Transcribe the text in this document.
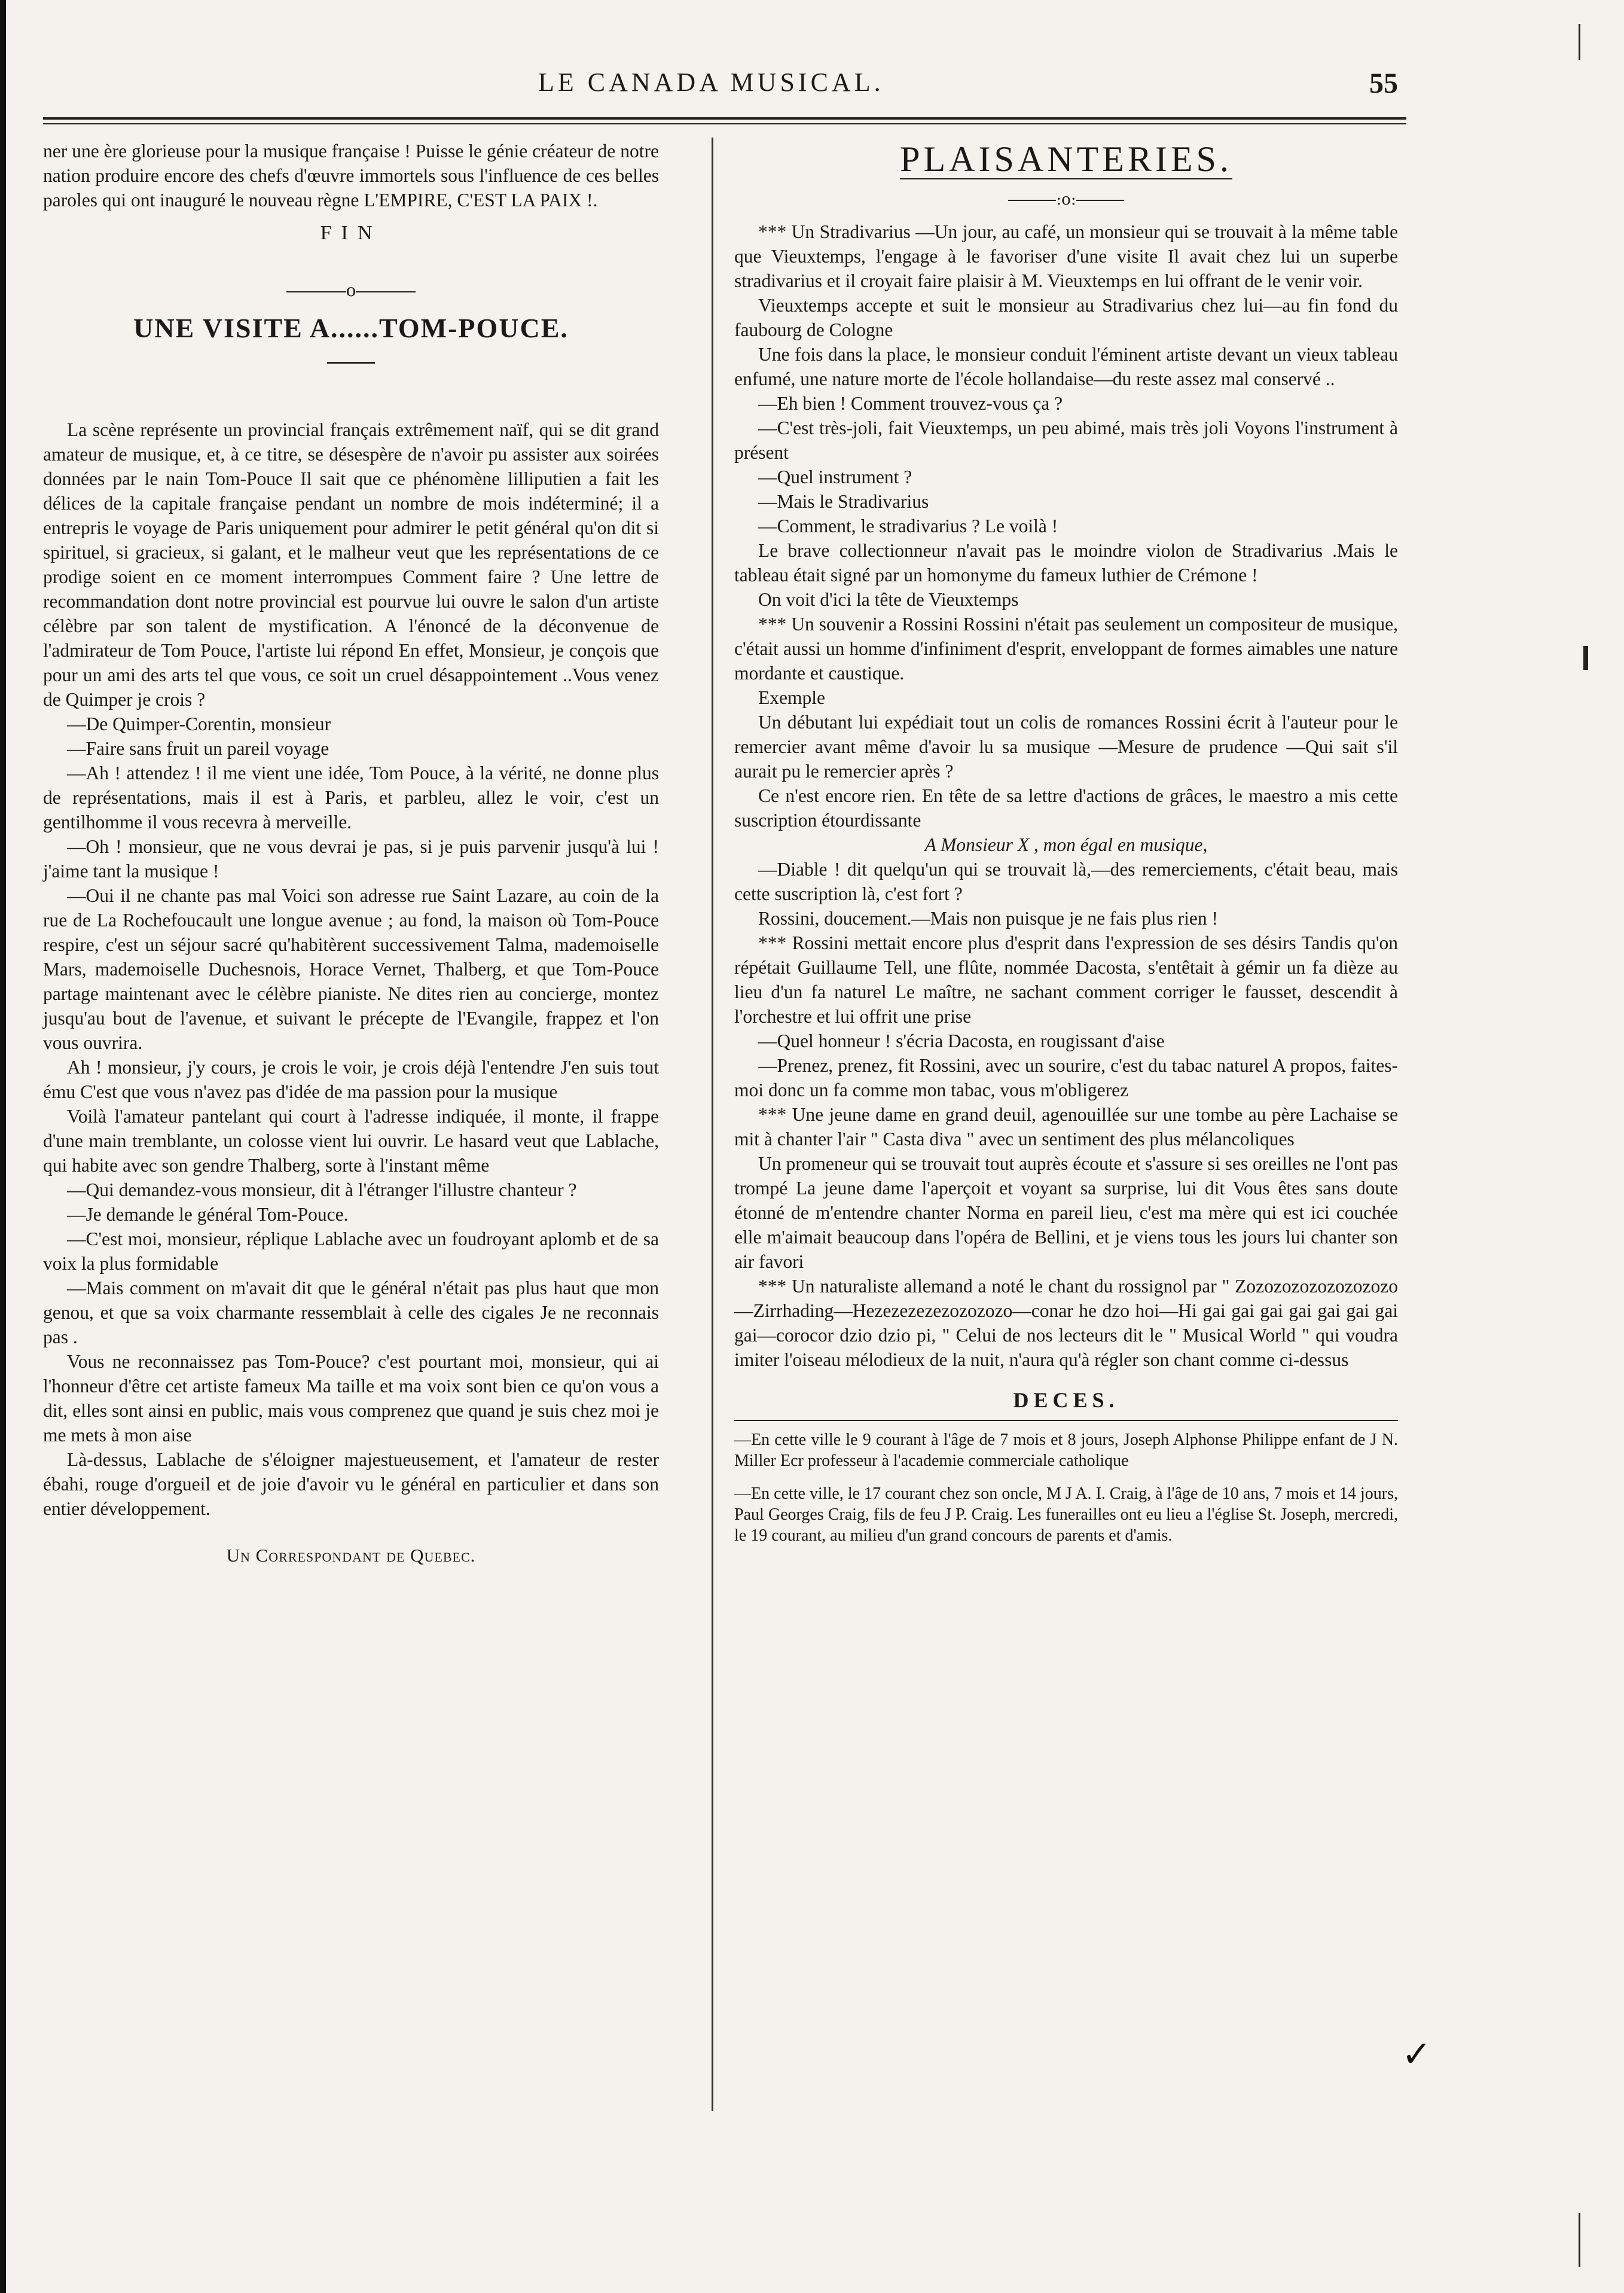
LE CANADA MUSICAL.	55

ner une ère glorieuse pour la musique française ! Puisse le génie créateur de notre nation produire encore des chefs d'œuvre immortels sous l'influence de ces belles paroles qui ont inauguré le nouveau règne L'EMPIRE, C'EST LA PAIX !.

FIN
o
UNE VISITE A......TOM-POUCE.

La scène représente un provincial français extrêmement naïf, qui se dit grand amateur de musique, et, à ce titre, se désespère de n'avoir pu assister aux soirées données par le nain Tom-Pouce Il sait que ce phénomène lilliputien a fait les délices de la capitale française pendant un nombre de mois indéterminé; il a entrepris le voyage de Paris uniquement pour admirer le petit général qu'on dit si spirituel, si gracieux, si galant, et le malheur veut que les représentations de ce prodige soient en ce moment interrompues Comment faire ? Une lettre de recommandation dont notre provincial est pourvue lui ouvre le salon d'un artiste célèbre par son talent de mystification. A l'énoncé de la déconvenue de l'admirateur de Tom Pouce, l'artiste lui répond En effet, Monsieur, je conçois que pour un ami des arts tel que vous, ce soit un cruel désappointement ..Vous venez de Quimper je crois ?

—De Quimper-Corentin, monsieur

—Faire sans fruit un pareil voyage

—Ah ! attendez ! il me vient une idée, Tom Pouce, à la vérité, ne donne plus de représentations, mais il est à Paris, et parbleu, allez le voir, c'est un gentilhomme il vous recevra à merveille.

—Oh ! monsieur, que ne vous devrai je pas, si je puis parvenir jusqu'à lui ! j'aime tant la musique !

—Oui il ne chante pas mal Voici son adresse rue Saint Lazare, au coin de la rue de La Rochefoucault une longue avenue ; au fond, la maison où Tom-Pouce respire, c'est un séjour sacré qu'habitèrent successivement Talma, mademoiselle Mars, mademoiselle Duchesnois, Horace Vernet, Thalberg, et que Tom-Pouce partage maintenant avec le célèbre pianiste. Ne dites rien au concierge, montez jusqu'au bout de l'avenue, et suivant le précepte de l'Evangile, frappez et l'on vous ouvrira.

Ah ! monsieur, j'y cours, je crois le voir, je crois déjà l'entendre J'en suis tout ému C'est que vous n'avez pas d'idée de ma passion pour la musique

Voilà l'amateur pantelant qui court à l'adresse indiquée, il monte, il frappe d'une main tremblante, un colosse vient lui ouvrir. Le hasard veut que Lablache, qui habite avec son gendre Thalberg, sorte à l'instant même

—Qui demandez-vous monsieur, dit à l'étranger l'illustre chanteur ?

—Je demande le général Tom-Pouce.

—C'est moi, monsieur, réplique Lablache avec un foudroyant aplomb et de sa voix la plus formidable

—Mais comment on m'avait dit que le général n'était pas plus haut que mon genou, et que sa voix charmante ressemblait à celle des cigales Je ne reconnais pas .

Vous ne reconnaissez pas Tom-Pouce? c'est pourtant moi, monsieur, qui ai l'honneur d'être cet artiste fameux Ma taille et ma voix sont bien ce qu'on vous a dit, elles sont ainsi en public, mais vous comprenez que quand je suis chez moi je me mets à mon aise

Là-dessus, Lablache de s'éloigner majestueusement, et l'amateur de rester ébahi, rouge d'orgueil et de joie d'avoir vu le général en particulier et dans son entier développement.

Un Correspondant de Quebec.
PLAISANTERIES.
:o:

*** Un Stradivarius —Un jour, au café, un monsieur qui se trouvait à la même table que Vieuxtemps, l'engage à le favoriser d'une visite Il avait chez lui un superbe stradivarius et il croyait faire plaisir à M. Vieuxtemps en lui offrant de le venir voir.

Vieuxtemps accepte et suit le monsieur au Stradivarius chez lui—au fin fond du faubourg de Cologne

Une fois dans la place, le monsieur conduit l'éminent artiste devant un vieux tableau enfumé, une nature morte de l'école hollandaise—du reste assez mal conservé ..

—Eh bien ! Comment trouvez-vous ça ?

—C'est très-joli, fait Vieuxtemps, un peu abimé, mais très joli Voyons l'instrument à présent

—Quel instrument ?

—Mais le Stradivarius

—Comment, le stradivarius ? Le voilà !

Le brave collectionneur n'avait pas le moindre violon de Stradivarius .Mais le tableau était signé par un homonyme du fameux luthier de Crémone !

On voit d'ici la tête de Vieuxtemps

*** Un souvenir a Rossini Rossini n'était pas seulement un compositeur de musique, c'était aussi un homme d'infiniment d'esprit, enveloppant de formes aimables une nature mordante et caustique.

Exemple

Un débutant lui expédiait tout un colis de romances Rossini écrit à l'auteur pour le remercier avant même d'avoir lu sa musique —Mesure de prudence —Qui sait s'il aurait pu le remercier après ?

Ce n'est encore rien. En tête de sa lettre d'actions de grâces, le maestro a mis cette suscription étourdissante

A Monsieur X , mon égal en musique,

—Diable ! dit quelqu'un qui se trouvait là,—des remerciements, c'était beau, mais cette suscription là, c'est fort ?

Rossini, doucement.—Mais non puisque je ne fais plus rien !

*** Rossini mettait encore plus d'esprit dans l'expression de ses désirs Tandis qu'on répétait Guillaume Tell, une flûte, nommée Dacosta, s'entêtait à gémir un fa dièze au lieu d'un fa naturel Le maître, ne sachant comment corriger le fausset, descendit à l'orchestre et lui offrit une prise

—Quel honneur ! s'écria Dacosta, en rougissant d'aise

—Prenez, prenez, fit Rossini, avec un sourire, c'est du tabac naturel A propos, faites-moi donc un fa comme mon tabac, vous m'obligerez

*** Une jeune dame en grand deuil, agenouillée sur une tombe au père Lachaise se mit à chanter l'air " Casta diva " avec un sentiment des plus mélancoliques

Un promeneur qui se trouvait tout auprès écoute et s'assure si ses oreilles ne l'ont pas trompé La jeune dame l'aperçoit et voyant sa surprise, lui dit Vous êtes sans doute étonné de m'entendre chanter Norma en pareil lieu, c'est ma mère qui est ici couchée elle m'aimait beaucoup dans l'opéra de Bellini, et je viens tous les jours lui chanter son air favori

*** Un naturaliste allemand a noté le chant du rossignol par " Zozozozozozozozozo—Zirrhading—Hezezezezezozozozo—conar he dzo hoi—Hi gai gai gai gai gai gai gai gai—corocor dzio dzio pi, " Celui de nos lecteurs dit le " Musical World " qui voudra imiter l'oiseau mélodieux de la nuit, n'aura qu'à régler son chant comme ci-dessus

DECES.

—En cette ville le 9 courant à l'âge de 7 mois et 8 jours, Joseph Alphonse Philippe enfant de J N. Miller Ecr professeur à l'academie commerciale catholique

—En cette ville, le 17 courant chez son oncle, M J A. I. Craig, à l'âge de 10 ans, 7 mois et 14 jours, Paul Georges Craig, fils de feu J P. Craig. Les funerailles ont eu lieu a l'église St. Joseph, mercredi, le 19 courant, au milieu d'un grand concours de parents et d'amis.

✓
